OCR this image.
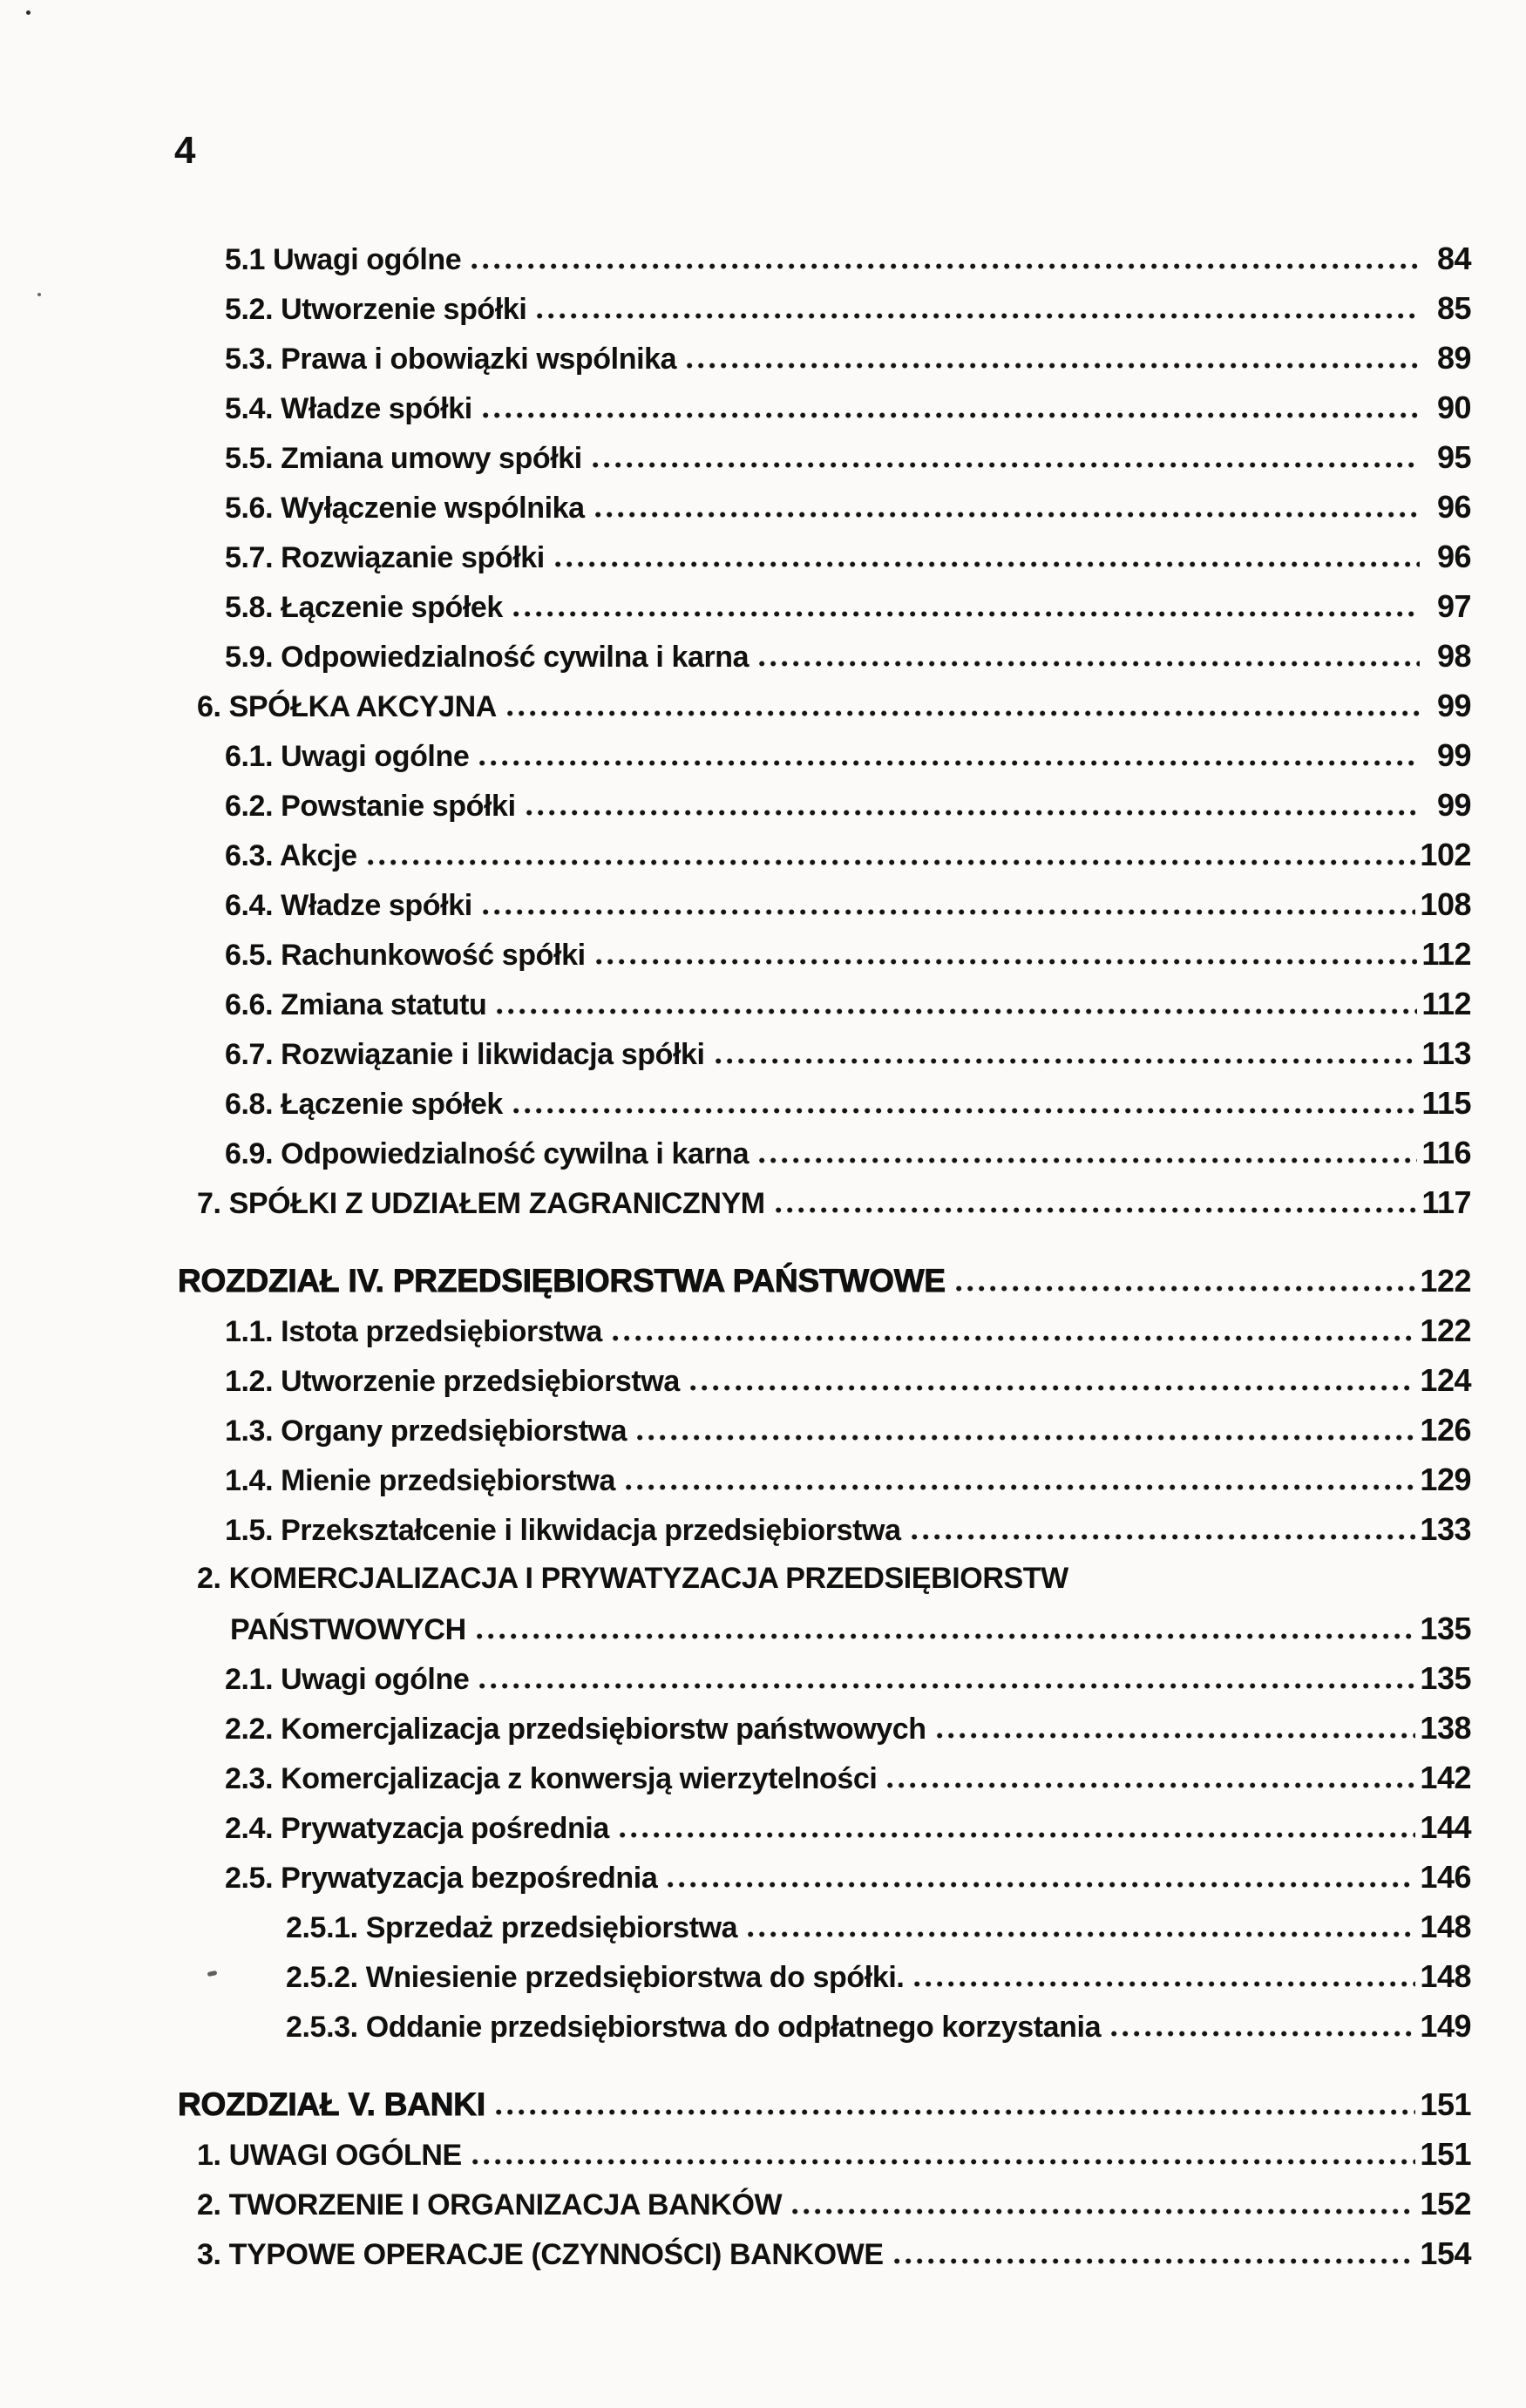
4
5.1 Uwagi ogólne	84
5.2. Utworzenie spółki	85
5.3. Prawa i obowiązki wspólnika	89
5.4. Władze spółki	90
5.5. Zmiana umowy spółki	95
5.6. Wyłączenie wspólnika	96
5.7. Rozwiązanie spółki	96
5.8. Łączenie spółek	97
5.9. Odpowiedzialność cywilna i karna	98
6. SPÓŁKA AKCYJNA	99
6.1. Uwagi ogólne	99
6.2. Powstanie spółki	99
6.3. Akcje	102
6.4. Władze spółki	108
6.5. Rachunkowość spółki	112
6.6. Zmiana statutu	112
6.7. Rozwiązanie i likwidacja spółki	113
6.8. Łączenie spółek	115
6.9. Odpowiedzialność cywilna i karna	116
7. SPÓŁKI Z UDZIAŁEM ZAGRANICZNYM	117
ROZDZIAŁ IV. PRZEDSIĘBIORSTWA PAŃSTWOWE	122
1.1. Istota przedsiębiorstwa	122
1.2. Utworzenie przedsiębiorstwa	124
1.3. Organy przedsiębiorstwa	126
1.4. Mienie przedsiębiorstwa	129
1.5. Przekształcenie i likwidacja przedsiębiorstwa	133
2. KOMERCJALIZACJA I PRYWATYZACJA PRZEDSIĘBIORSTW
PAŃSTWOWYCH	135
2.1. Uwagi ogólne	135
2.2. Komercjalizacja przedsiębiorstw państwowych	138
2.3. Komercjalizacja z konwersją wierzytelności	142
2.4. Prywatyzacja pośrednia	144
2.5. Prywatyzacja bezpośrednia	146
2.5.1. Sprzedaż przedsiębiorstwa	148
2.5.2. Wniesienie przedsiębiorstwa do spółki.	148
2.5.3. Oddanie przedsiębiorstwa do odpłatnego korzystania	149
ROZDZIAŁ V. BANKI	151
1. UWAGI OGÓLNE	151
2. TWORZENIE I ORGANIZACJA BANKÓW	152
3. TYPOWE OPERACJE (CZYNNOŚCI) BANKOWE	154
